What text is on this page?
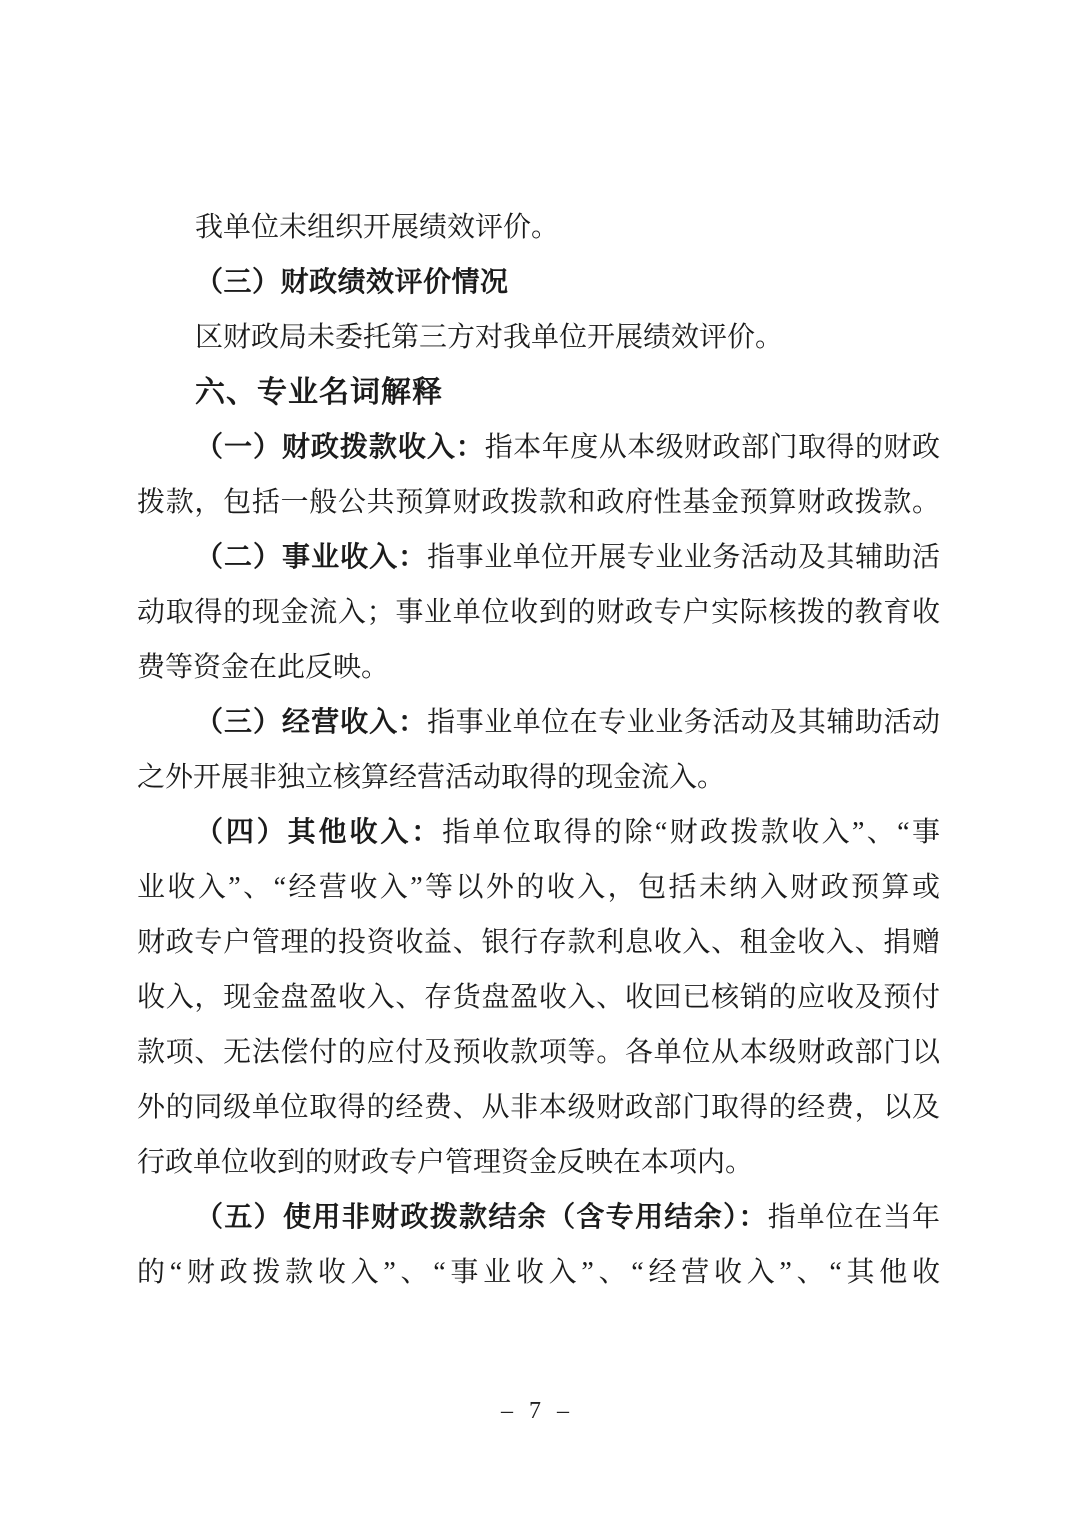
我单位未组织开展绩效评价。
（三）财政绩效评价情况
区财政局未委托第三方对我单位开展绩效评价。
六、专业名词解释
（一）财政拨款收入：指本年度从本级财政部门取得的财政
拨款，包括一般公共预算财政拨款和政府性基金预算财政拨款。
（二）事业收入：指事业单位开展专业业务活动及其辅助活
动取得的现金流入；事业单位收到的财政专户实际核拨的教育收
费等资金在此反映。
（三）经营收入：指事业单位在专业业务活动及其辅助活动
之外开展非独立核算经营活动取得的现金流入。
（四）其他收入：指单位取得的除“财政拨款收入”、“事
业收入”、“经营收入”等以外的收入，包括未纳入财政预算或
财政专户管理的投资收益、银行存款利息收入、租金收入、捐赠
收入，现金盘盈收入、存货盘盈收入、收回已核销的应收及预付
款项、无法偿付的应付及预收款项等。各单位从本级财政部门以
外的同级单位取得的经费、从非本级财政部门取得的经费，以及
行政单位收到的财政专户管理资金反映在本项内。
（五）使用非财政拨款结余（含专用结余）：指单位在当年
的“财政拨款收入”、“事业收入”、“经营收入”、“其他收
– 7 –
